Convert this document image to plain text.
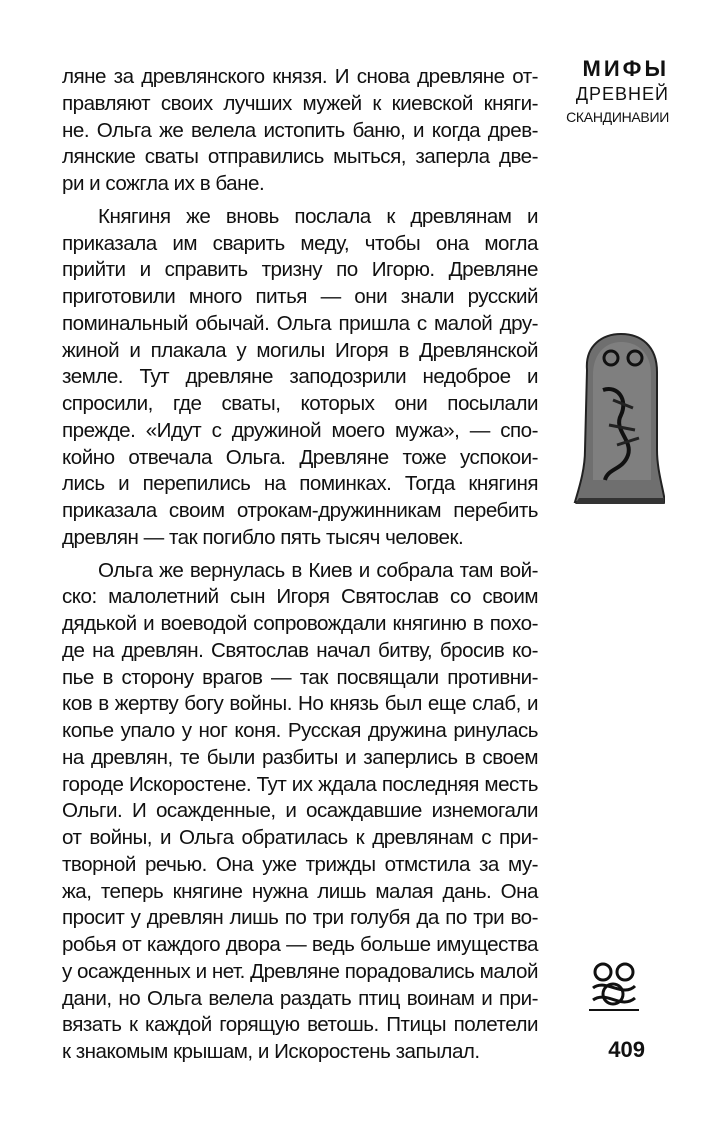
МИФЫ
ДРЕВНЕЙ
СКАНДИНАВИИ
ляне за древлянского князя. И снова древляне от-
правляют своих лучших мужей к киевской княги-
не. Ольга же велела истопить баню, и когда древ-
лянские сваты отправились мыться, заперла две-
ри и сожгла их в бане.
Княгиня же вновь послала к древлянам и
приказала им сварить меду, чтобы она могла
прийти и справить тризну по Игорю. Древляне
приготовили много питья — они знали русский
поминальный обычай. Ольга пришла с малой дру-
жиной и плакала у могилы Игоря в Древлянской
земле. Тут древляне заподозрили недоброе и
спросили, где сваты, которых они посылали
прежде. «Идут с дружиной моего мужа», — спо-
койно отвечала Ольга. Древляне тоже успокои-
лись и перепились на поминках. Тогда княгиня
приказала своим отрокам-дружинникам перебить
древлян — так погибло пять тысяч человек.
Ольга же вернулась в Киев и собрала там вой-
ско: малолетний сын Игоря Святослав со своим
дядькой и воеводой сопровождали княгиню в похо-
де на древлян. Святослав начал битву, бросив ко-
пье в сторону врагов — так посвящали противни-
ков в жертву богу войны. Но князь был еще слаб, и
копье упало у ног коня. Русская дружина ринулась
на древлян, те были разбиты и заперлись в своем
городе Искоростене. Тут их ждала последняя месть
Ольги. И осажденные, и осаждавшие изнемогали
от войны, и Ольга обратилась к древлянам с при-
творной речью. Она уже трижды отмстила за му-
жа, теперь княгине нужна лишь малая дань. Она
просит у древлян лишь по три голубя да по три во-
робья от каждого двора — ведь больше имущества
у осажденных и нет. Древляне порадовались малой
дани, но Ольга велела раздать птиц воинам и при-
вязать к каждой горящую ветошь. Птицы полетели
к знакомым крышам, и Искоростень запылал.	409
